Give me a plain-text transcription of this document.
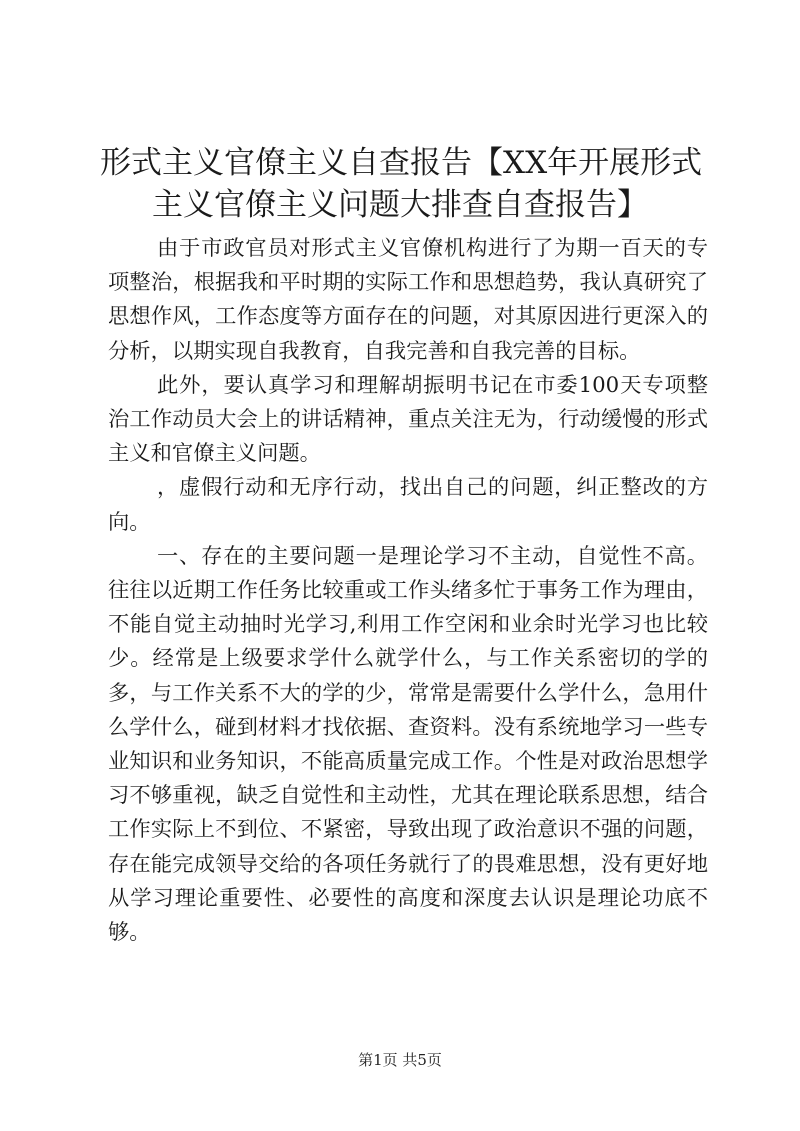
形式主义官僚主义自查报告【XX年开展形式
主义官僚主义问题大排查自查报告】

由于市政官员对形式主义官僚机构进行了为期一百天的专项整治，根据我和平时期的实际工作和思想趋势，我认真研究了思想作风，工作态度等方面存在的问题，对其原因进行更深入的分析，以期实现自我教育，自我完善和自我完善的目标。

此外，要认真学习和理解胡振明书记在市委100天专项整治工作动员大会上的讲话精神，重点关注无为，行动缓慢的形式主义和官僚主义问题。

，虚假行动和无序行动，找出自己的问题，纠正整改的方向。

一、存在的主要问题一是理论学习不主动，自觉性不高。往往以近期工作任务比较重或工作头绪多忙于事务工作为理由，不能自觉主动抽时光学习,利用工作空闲和业余时光学习也比较少。经常是上级要求学什么就学什么，与工作关系密切的学的多，与工作关系不大的学的少，常常是需要什么学什么，急用什么学什么，碰到材料才找依据、查资料。没有系统地学习一些专业知识和业务知识，不能高质量完成工作。个性是对政治思想学习不够重视，缺乏自觉性和主动性，尤其在理论联系思想，结合工作实际上不到位、不紧密，导致出现了政治意识不强的问题，存在能完成领导交给的各项任务就行了的畏难思想，没有更好地从学习理论重要性、必要性的高度和深度去认识是理论功底不够。

第1页 共5页
